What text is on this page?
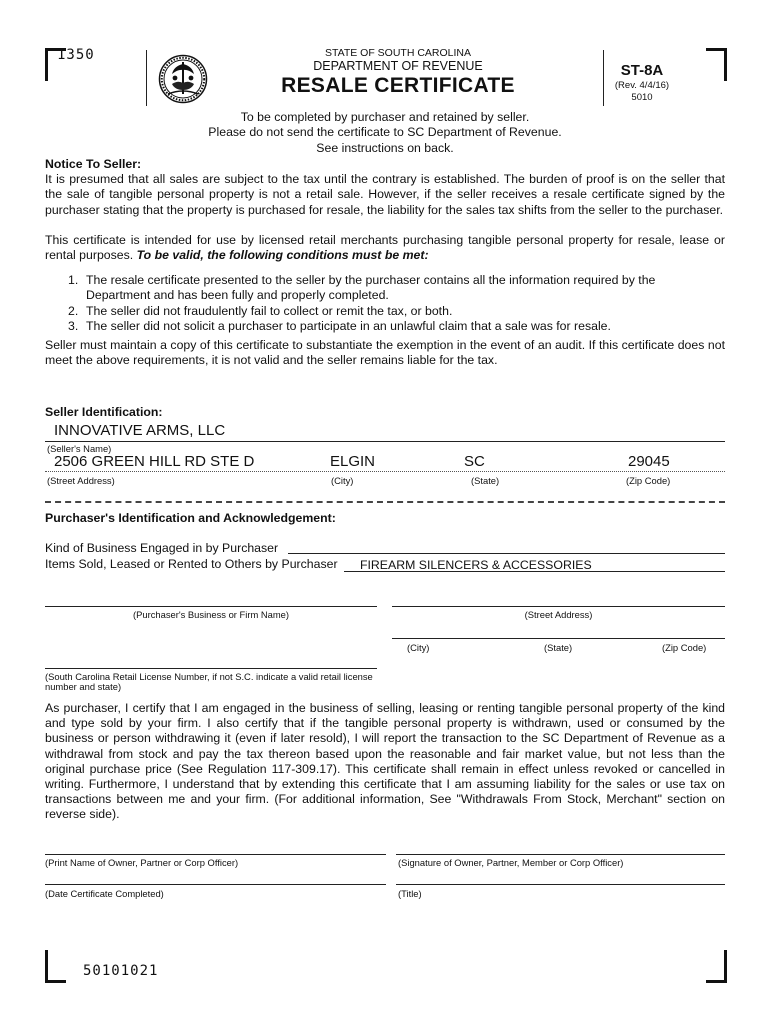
1350	STATE OF SOUTH CAROLINA
DEPARTMENT OF REVENUE
RESALE CERTIFICATE
ST-8A
(Rev. 4/4/16)
5010
To be completed by purchaser and retained by seller.
Please do not send the certificate to SC Department of Revenue.
See instructions on back.
Notice To Seller:
It is presumed that all sales are subject to the tax until the contrary is established. The burden of proof is on the seller that the sale of tangible personal property is not a retail sale. However, if the seller receives a resale certificate signed by the purchaser stating that the property is purchased for resale, the liability for the sales tax shifts from the seller to the purchaser.
This certificate is intended for use by licensed retail merchants purchasing tangible personal property for resale, lease or rental purposes. To be valid, the following conditions must be met:
1. The resale certificate presented to the seller by the purchaser contains all the information required by the Department and has been fully and properly completed.
2. The seller did not fraudulently fail to collect or remit the tax, or both.
3. The seller did not solicit a purchaser to participate in an unlawful claim that a sale was for resale.
Seller must maintain a copy of this certificate to substantiate the exemption in the event of an audit. If this certificate does not meet the above requirements, it is not valid and the seller remains liable for the tax.
Seller Identification:
INNOVATIVE ARMS, LLC
(Seller's Name)
2506 GREEN HILL RD STE D	ELGIN	SC	29045
(Street Address)	(City)	(State)	(Zip Code)
Purchaser's Identification and Acknowledgement:
Kind of Business Engaged in by Purchaser
Items Sold, Leased or Rented to Others by Purchaser FIREARM SILENCERS & ACCESSORIES
(Purchaser's Business or Firm Name)	(Street Address)
(City)	(State)	(Zip Code)
(South Carolina Retail License Number, if not S.C. indicate a valid retail license number and state)
As purchaser, I certify that I am engaged in the business of selling, leasing or renting tangible personal property of the kind and type sold by your firm. I also certify that if the tangible personal property is withdrawn, used or consumed by the business or person withdrawing it (even if later resold), I will report the transaction to the SC Department of Revenue as a withdrawal from stock and pay the tax thereon based upon the reasonable and fair market value, but not less than the original purchase price (See Regulation 117-309.17). This certificate shall remain in effect unless revoked or cancelled in writing. Furthermore, I understand that by extending this certificate that I am assuming liability for the sales or use tax on transactions between me and your firm. (For additional information, See "Withdrawals From Stock, Merchant" section on reverse side).
(Print Name of Owner, Partner or Corp Officer)	(Signature of Owner, Partner, Member or Corp Officer)
(Date Certificate Completed)	(Title)
50101021
